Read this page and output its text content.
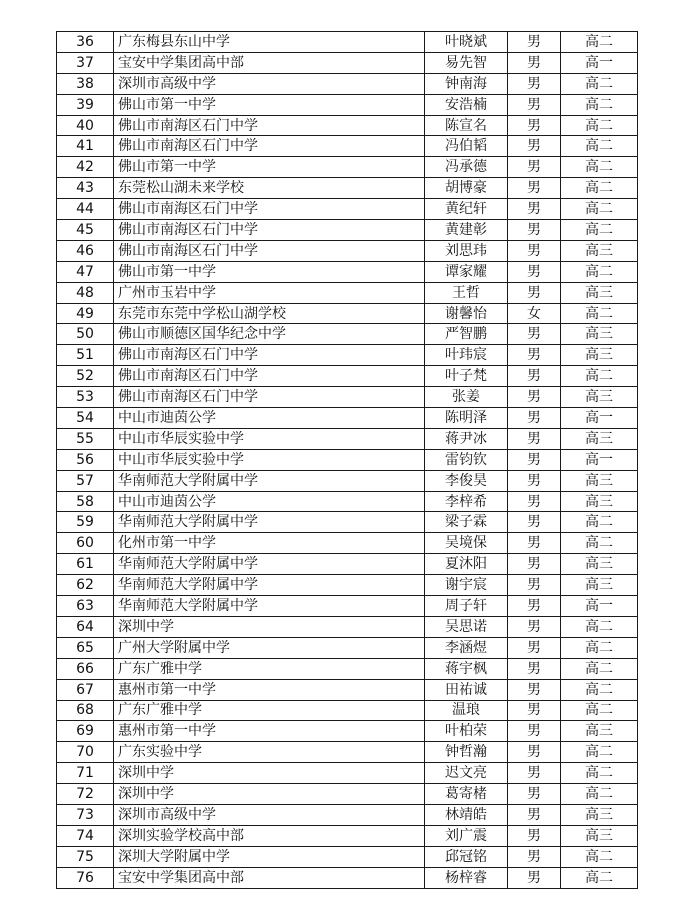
36	广东梅县东山中学	叶晓斌	男	高二
37	宝安中学集团高中部	易先智	男	高一
38	深圳市高级中学	钟南海	男	高二
39	佛山市第一中学	安浩楠	男	高二
40	佛山市南海区石门中学	陈宣名	男	高二
41	佛山市南海区石门中学	冯伯韬	男	高二
42	佛山市第一中学	冯承德	男	高二
43	东莞松山湖未来学校	胡博豪	男	高二
44	佛山市南海区石门中学	黄纪轩	男	高二
45	佛山市南海区石门中学	黄建彰	男	高二
46	佛山市南海区石门中学	刘思玮	男	高三
47	佛山市第一中学	谭家耀	男	高二
48	广州市玉岩中学	王哲	男	高三
49	东莞市东莞中学松山湖学校	谢馨怡	女	高二
50	佛山市顺德区国华纪念中学	严智鹏	男	高三
51	佛山市南海区石门中学	叶玮宸	男	高三
52	佛山市南海区石门中学	叶子梵	男	高二
53	佛山市南海区石门中学	张姜	男	高三
54	中山市迪茵公学	陈明泽	男	高一
55	中山市华辰实验中学	蒋尹冰	男	高三
56	中山市华辰实验中学	雷钧钦	男	高一
57	华南师范大学附属中学	李俊昊	男	高三
58	中山市迪茵公学	李梓希	男	高三
59	华南师范大学附属中学	梁子霖	男	高二
60	化州市第一中学	吴境保	男	高二
61	华南师范大学附属中学	夏沐阳	男	高三
62	华南师范大学附属中学	谢宇宸	男	高三
63	华南师范大学附属中学	周子轩	男	高一
64	深圳中学	吴思诺	男	高二
65	广州大学附属中学	李涵煜	男	高二
66	广东广雅中学	蒋宇枫	男	高二
67	惠州市第一中学	田祐诚	男	高二
68	广东广雅中学	温琅	男	高二
69	惠州市第一中学	叶柏荣	男	高三
70	广东实验中学	钟哲瀚	男	高二
71	深圳中学	迟文亮	男	高二
72	深圳中学	葛寄楮	男	高二
73	深圳市高级中学	林靖皓	男	高三
74	深圳实验学校高中部	刘广震	男	高三
75	深圳大学附属中学	邱冠铭	男	高二
76	宝安中学集团高中部	杨梓睿	男	高二
